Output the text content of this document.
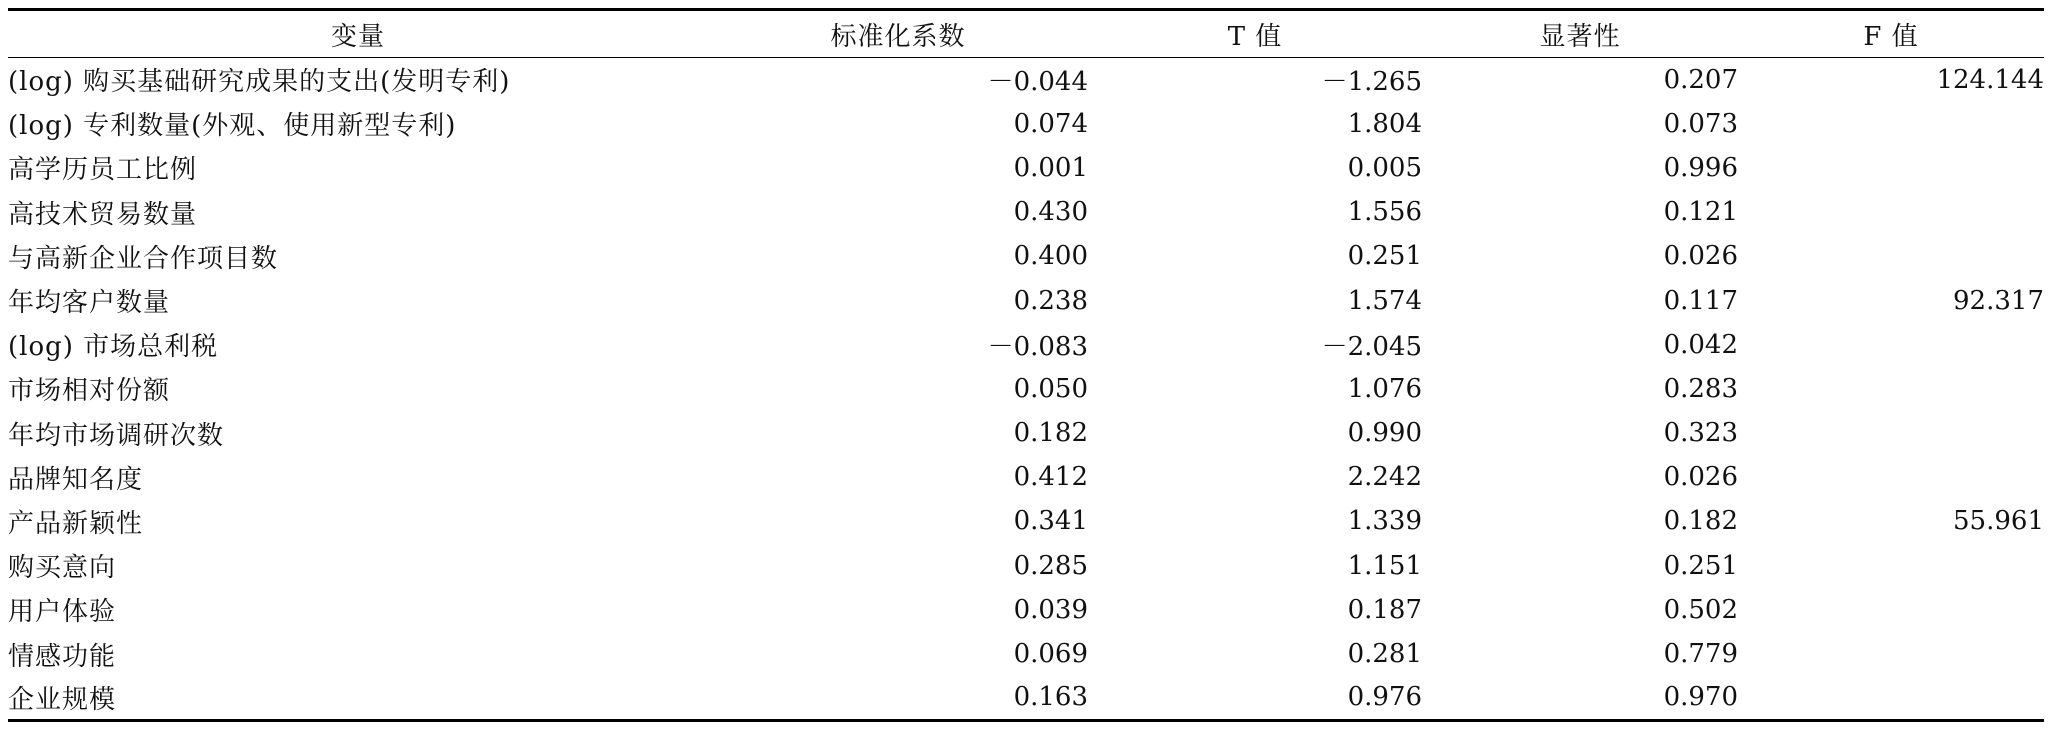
变量	标准化系数	T 值	显著性	F 值
(log) 购买基础研究成果的支出(发明专利)	－0.044	－1.265	0.207	124.144
(log) 专利数量(外观、使用新型专利)	0.074	1.804	0.073	
高学历员工比例	0.001	0.005	0.996	
高技术贸易数量	0.430	1.556	0.121	
与高新企业合作项目数	0.400	0.251	0.026	
年均客户数量	0.238	1.574	0.117	92.317
(log) 市场总利税	－0.083	－2.045	0.042	
市场相对份额	0.050	1.076	0.283	
年均市场调研次数	0.182	0.990	0.323	
品牌知名度	0.412	2.242	0.026	
产品新颖性	0.341	1.339	0.182	55.961
购买意向	0.285	1.151	0.251	
用户体验	0.039	0.187	0.502	
情感功能	0.069	0.281	0.779	
企业规模	0.163	0.976	0.970	
